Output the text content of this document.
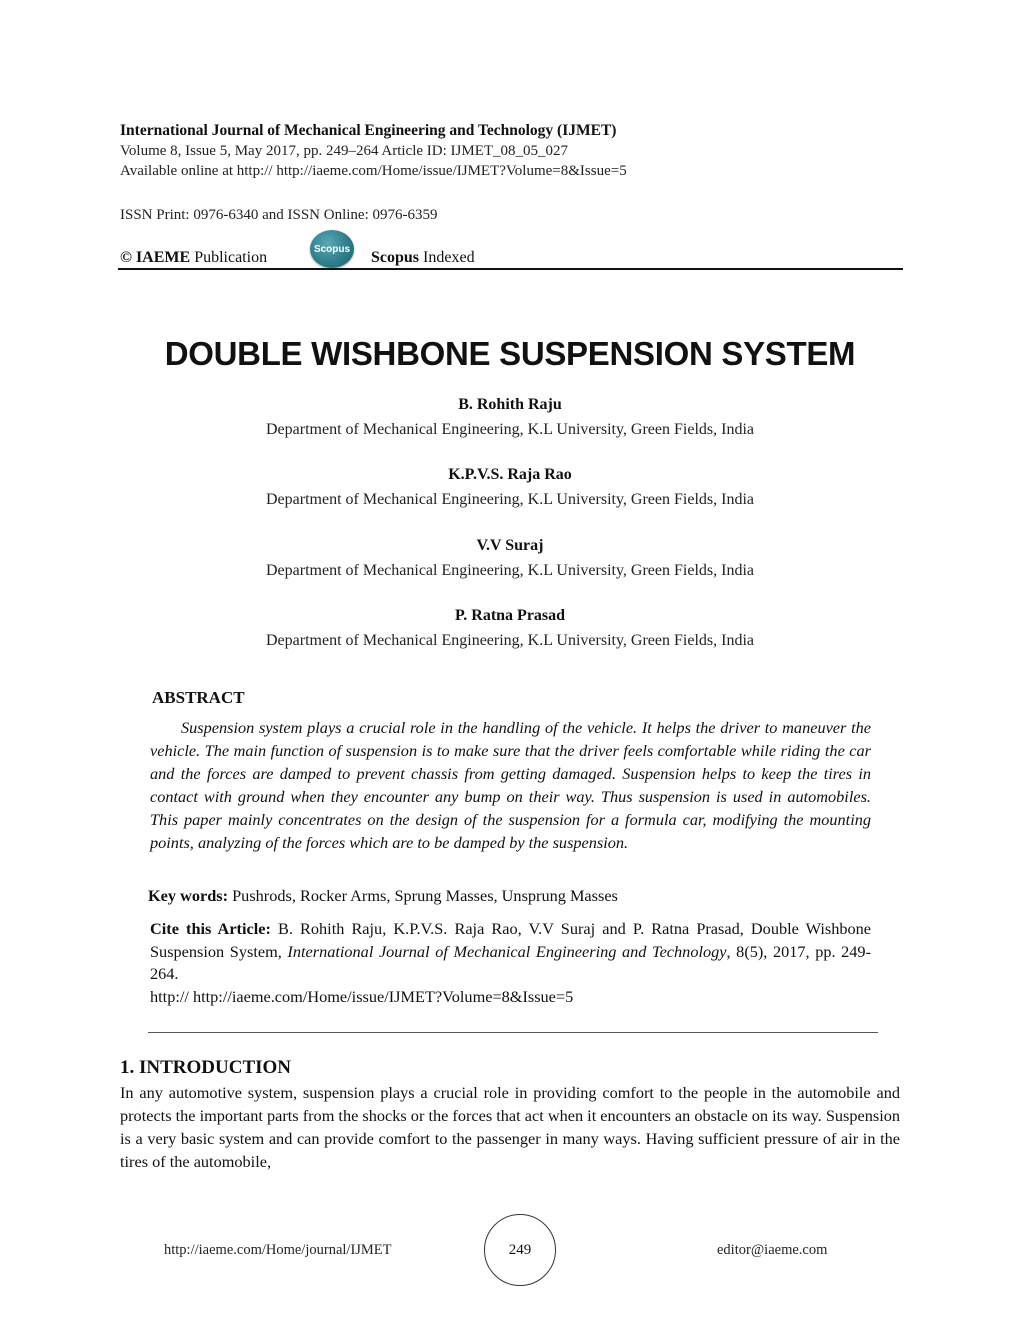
International Journal of Mechanical Engineering and Technology (IJMET)
Volume 8, Issue 5, May 2017, pp. 249–264 Article ID: IJMET_08_05_027
Available online at http:// http://iaeme.com/Home/issue/IJMET?Volume=8&Issue=5
ISSN Print: 0976-6340 and ISSN Online: 0976-6359
© IAEME Publication	Scopus Scopus Indexed
DOUBLE WISHBONE SUSPENSION SYSTEM
B. Rohith Raju
Department of Mechanical Engineering, K.L University, Green Fields, India
K.P.V.S. Raja Rao
Department of Mechanical Engineering, K.L University, Green Fields, India
V.V Suraj
Department of Mechanical Engineering, K.L University, Green Fields, India
P. Ratna Prasad
Department of Mechanical Engineering, K.L University, Green Fields, India
ABSTRACT
Suspension system plays a crucial role in the handling of the vehicle. It helps the driver to maneuver the vehicle. The main function of suspension is to make sure that the driver feels comfortable while riding the car and the forces are damped to prevent chassis from getting damaged. Suspension helps to keep the tires in contact with ground when they encounter any bump on their way. Thus suspension is used in automobiles. This paper mainly concentrates on the design of the suspension for a formula car, modifying the mounting points, analyzing of the forces which are to be damped by the suspension.
Key words: Pushrods, Rocker Arms, Sprung Masses, Unsprung Masses
Cite this Article: B. Rohith Raju, K.P.V.S. Raja Rao, V.V Suraj and P. Ratna Prasad, Double Wishbone Suspension System, International Journal of Mechanical Engineering and Technology, 8(5), 2017, pp. 249-264.
http:// http://iaeme.com/Home/issue/IJMET?Volume=8&Issue=5
1. INTRODUCTION
In any automotive system, suspension plays a crucial role in providing comfort to the people in the automobile and protects the important parts from the shocks or the forces that act when it encounters an obstacle on its way. Suspension is a very basic system and can provide comfort to the passenger in many ways. Having sufficient pressure of air in the tires of the automobile,
http://iaeme.com/Home/journal/IJMET	249	editor@iaeme.com
